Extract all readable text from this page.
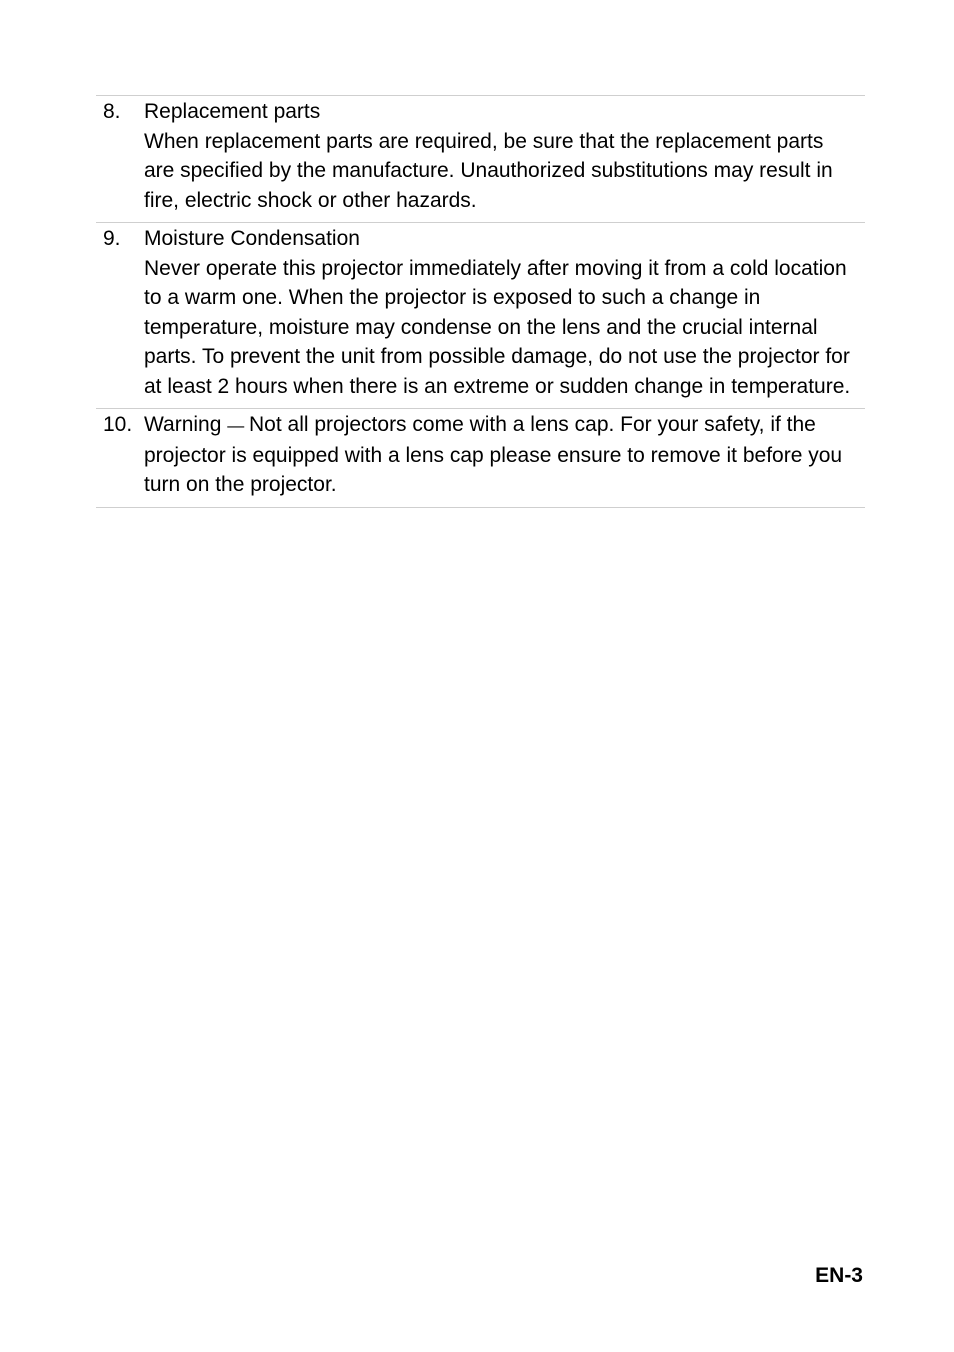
8.	Replacement parts
When replacement parts are required, be sure that the replacement parts are specified by the manufacture. Unauthorized substitutions may result in fire, electric shock or other hazards.
9.	Moisture Condensation
Never operate this projector immediately after moving it from a cold location to a warm one. When the projector is exposed to such a change in temperature, moisture may condense on the lens and the crucial internal parts. To prevent the unit from possible damage, do not use the projector for at least 2 hours when there is an extreme or sudden change in temperature.
10. Warning — Not all projectors come with a lens cap. For your safety, if the projector is equipped with a lens cap please ensure to remove it before you turn on the projector.
EN-3
